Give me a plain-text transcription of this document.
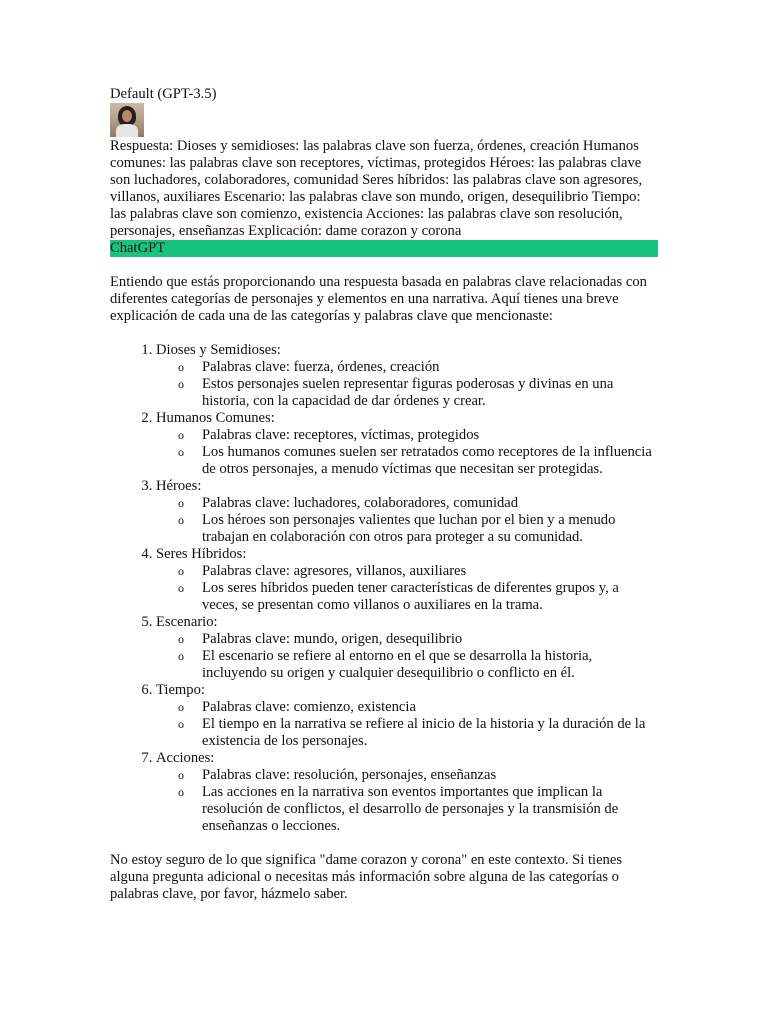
Default (GPT-3.5)

Respuesta: Dioses y semidioses: las palabras clave son fuerza, órdenes, creación Humanos comunes: las palabras clave son receptores, víctimas, protegidos Héroes: las palabras clave son luchadores, colaboradores, comunidad Seres híbridos: las palabras clave son agresores, villanos, auxiliares Escenario: las palabras clave son mundo, origen, desequilibrio Tiempo: las palabras clave son comienzo, existencia Acciones: las palabras clave son resolución, personajes, enseñanzas Explicación: dame corazon y corona

ChatGPT

Entiendo que estás proporcionando una respuesta basada en palabras clave relacionadas con diferentes categorías de personajes y elementos en una narrativa. Aquí tienes una breve explicación de cada una de las categorías y palabras clave que mencionaste:

1. Dioses y Semidioses:
o Palabras clave: fuerza, órdenes, creación
o Estos personajes suelen representar figuras poderosas y divinas en una historia, con la capacidad de dar órdenes y crear.
2. Humanos Comunes:
o Palabras clave: receptores, víctimas, protegidos
o Los humanos comunes suelen ser retratados como receptores de la influencia de otros personajes, a menudo víctimas que necesitan ser protegidas.
3. Héroes:
o Palabras clave: luchadores, colaboradores, comunidad
o Los héroes son personajes valientes que luchan por el bien y a menudo trabajan en colaboración con otros para proteger a su comunidad.
4. Seres Híbridos:
o Palabras clave: agresores, villanos, auxiliares
o Los seres híbridos pueden tener características de diferentes grupos y, a veces, se presentan como villanos o auxiliares en la trama.
5. Escenario:
o Palabras clave: mundo, origen, desequilibrio
o El escenario se refiere al entorno en el que se desarrolla la historia, incluyendo su origen y cualquier desequilibrio o conflicto en él.
6. Tiempo:
o Palabras clave: comienzo, existencia
o El tiempo en la narrativa se refiere al inicio de la historia y la duración de la existencia de los personajes.
7. Acciones:
o Palabras clave: resolución, personajes, enseñanzas
o Las acciones en la narrativa son eventos importantes que implican la resolución de conflictos, el desarrollo de personajes y la transmisión de enseñanzas o lecciones.

No estoy seguro de lo que significa "dame corazon y corona" en este contexto. Si tienes alguna pregunta adicional o necesitas más información sobre alguna de las categorías o palabras clave, por favor, házmelo saber.
